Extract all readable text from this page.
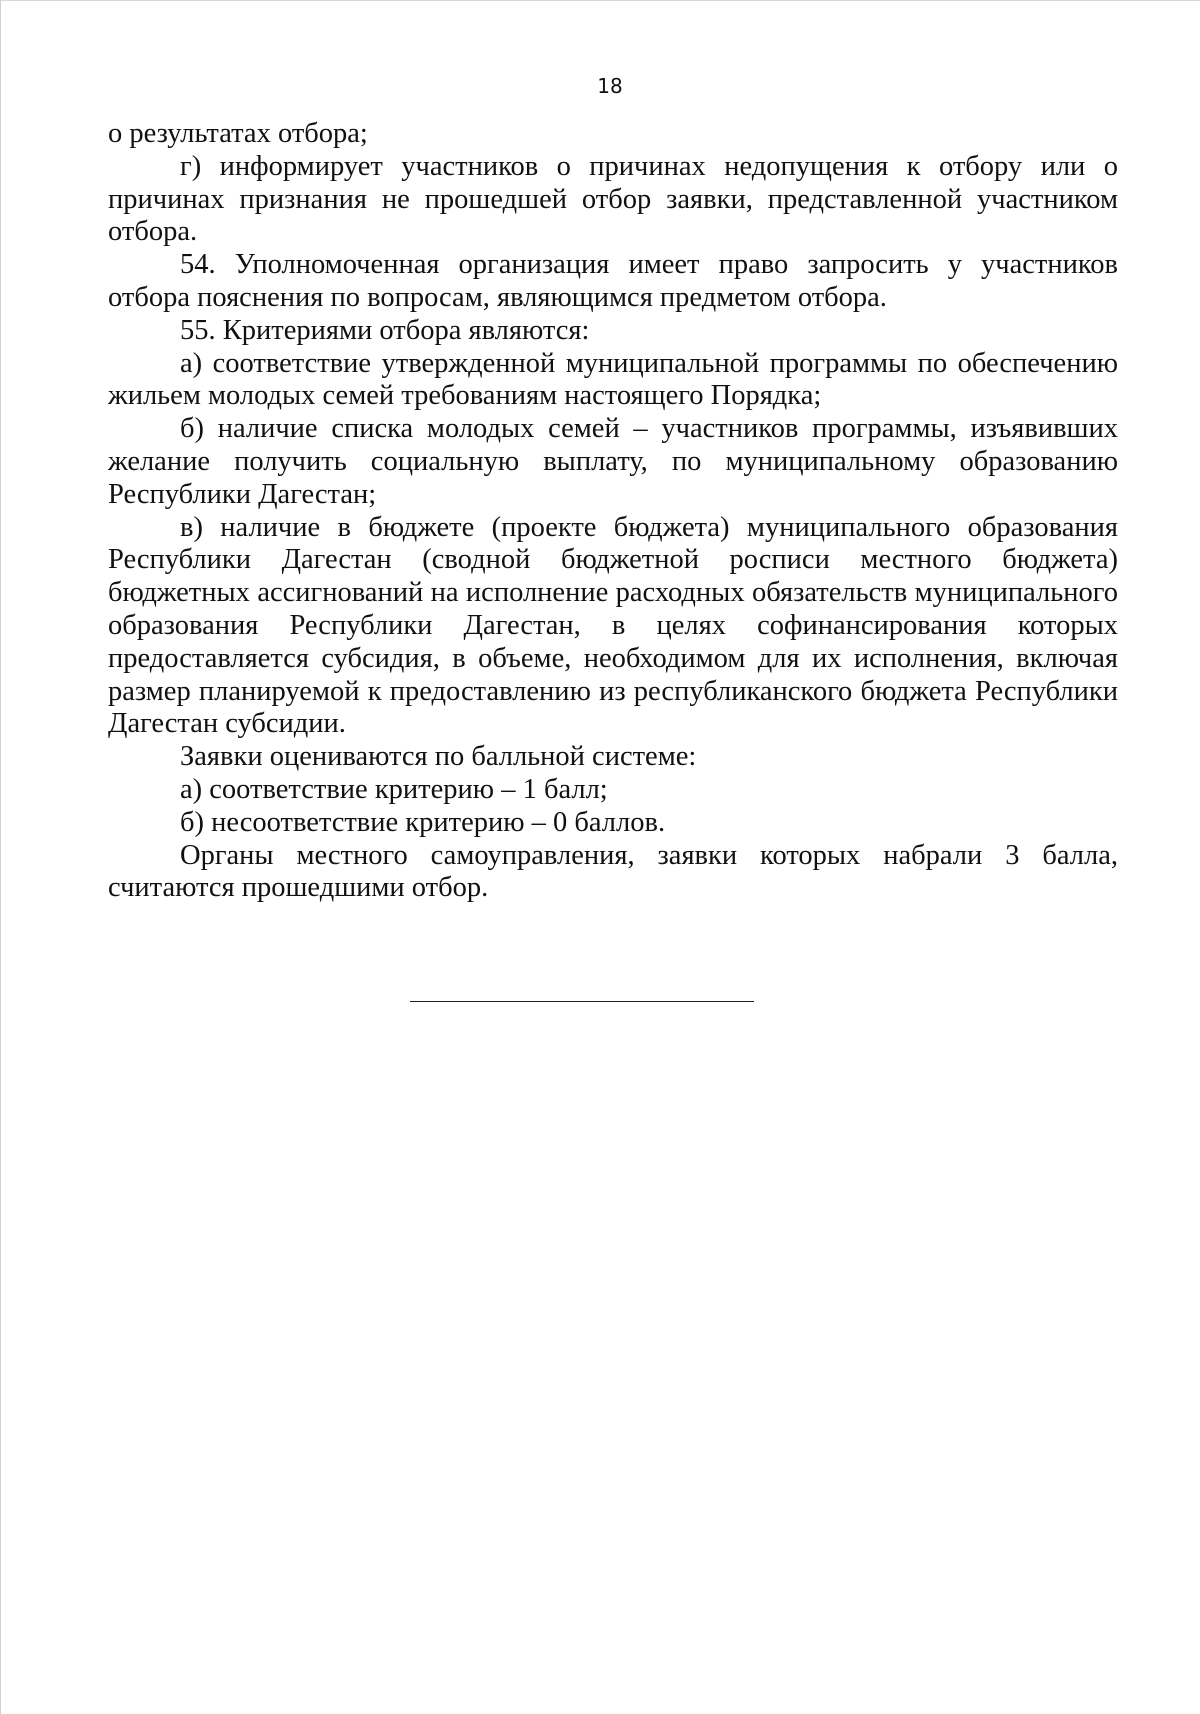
18

о результатах отбора;

г) информирует участников о причинах недопущения к отбору или о причинах признания не прошедшей отбор заявки, представленной участником отбора.

54. Уполномоченная организация имеет право запросить у участников отбора пояснения по вопросам, являющимся предметом отбора.

55. Критериями отбора являются:

а) соответствие утвержденной муниципальной программы по обеспечению жильем молодых семей требованиям настоящего Порядка;

б) наличие списка молодых семей – участников программы, изъявивших желание получить социальную выплату, по муниципальному образованию Республики Дагестан;

в) наличие в бюджете (проекте бюджета) муниципального образования Республики Дагестан (сводной бюджетной росписи местного бюджета) бюджетных ассигнований на исполнение расходных обязательств муниципального образования Республики Дагестан, в целях софинансирования которых предоставляется субсидия, в объеме, необходимом для их исполнения, включая размер планируемой к предоставлению из республиканского бюджета Республики Дагестан субсидии.

Заявки оцениваются по балльной системе:

а) соответствие критерию – 1 балл;

б) несоответствие критерию – 0 баллов.

Органы местного самоуправления, заявки которых набрали 3 балла, считаются прошедшими отбор.
